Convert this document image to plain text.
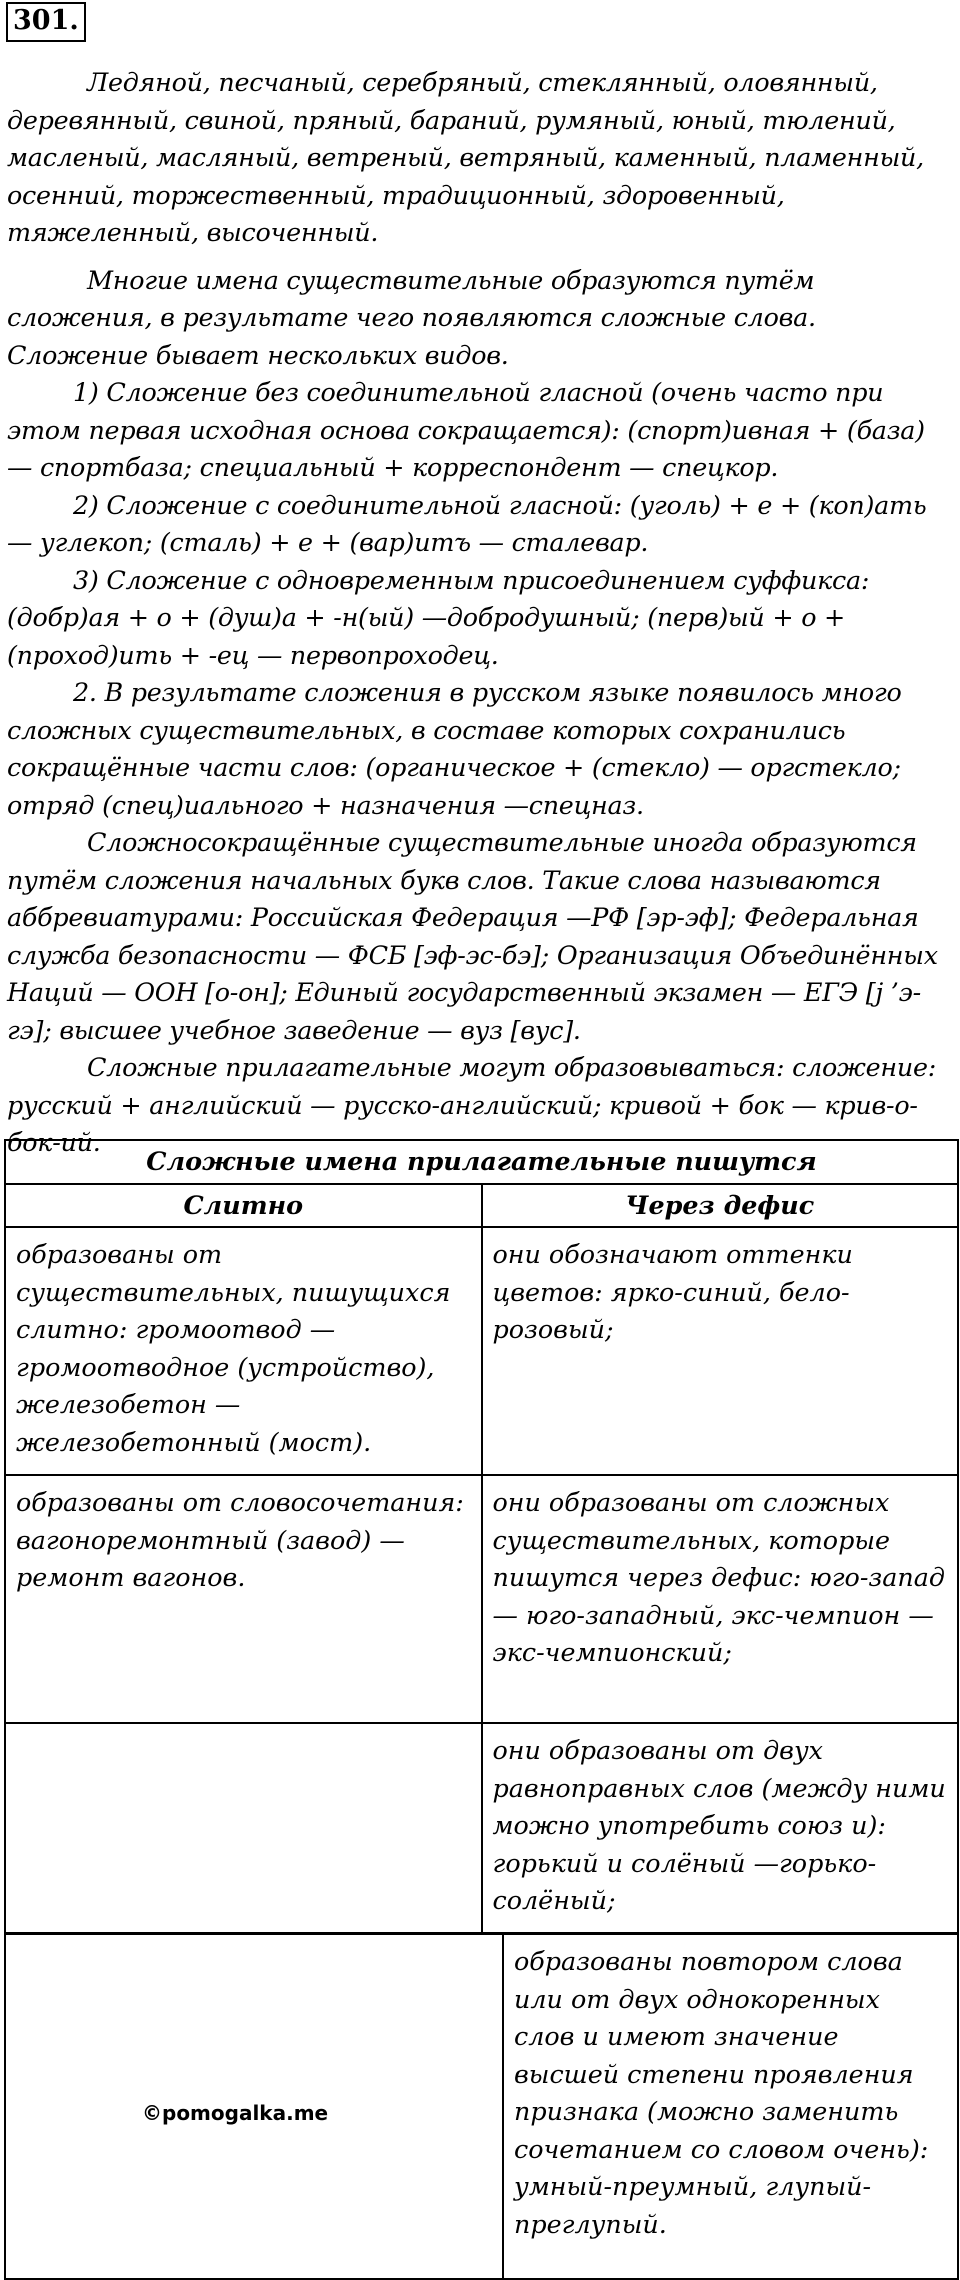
301.

Ледяной, песчаный, серебряный, стеклянный, оловянный, деревянный, свиной, пряный, бараний, румяный, юный, тюлений, масленый, масляный, ветреный, ветряный, каменный, пламенный, осенний, торжественный, традиционный, здоровенный, тяжеленный, высоченный.

Многие имена существительные образуются путём сложения, в результате чего появляются сложные слова. Сложение бывает нескольких видов.

1) Сложение без соединительной гласной (очень часто при этом первая исходная основа сокращается): (спорт)ивная + (база) — спортбаза; специальный + корреспондент — спецкор.

2) Сложение с соединительной гласной: (уголь) + е + (коп)ать — углекоп; (сталь) + е + (вар)итъ — сталевар.

3) Сложение с одновременным присоединением суффикса: (добр)ая + о + (душ)а + -н(ый) —добродушный; (перв)ый + о + (проход)ить + -ец — первопроходец.

2. В результате сложения в русском языке появилось много сложных существительных, в составе которых сохранились сокращённые части слов: (органическое + (стекло) — оргстекло; отряд (спец)иального + назначения —спецназ.

Сложносокращённые существительные иногда образуются путём сложения начальных букв слов. Такие слова называются аббревиатурами: Российская Федерация —РФ [эр-эф]; Федеральная служба безопасности — ФСБ [эф-эс-бэ]; Организация Объединённых Наций — ООН [о-он]; Единый государственный экзамен — ЕГЭ [j ’э-гэ]; высшее учебное заведение — вуз [вус].

Сложные прилагательные могут образовываться: сложение: русский + английский — русско-английский; кривой + бок — крив-о-бок-ий.

Сложные имена прилагательные пишутся	
Слитно	Через дефис
образованы от существительных, пишущихся слитно: громоотвод — громоотводное (устройство), железобетон — железобетонный (мост).	они обозначают оттенки цветов: ярко-синий, бело-розовый;
образованы от словосочетания: вагоноремонтный (завод) — ремонт вагонов.	они образованы от сложных существительных, которые пишутся через дефис: юго-запад — юго-западный, экс-чемпион — экс-чемпионский;
	они образованы от двух равноправных слов (между ними можно употребить союз и): горький и солёный —горько-солёный;
©pomogalka.me
	образованы повтором слова или от двух однокоренных слов и имеют значение высшей степени проявления признака (можно заменить сочетанием со словом очень): умный-преумный, глупый-преглупый.
